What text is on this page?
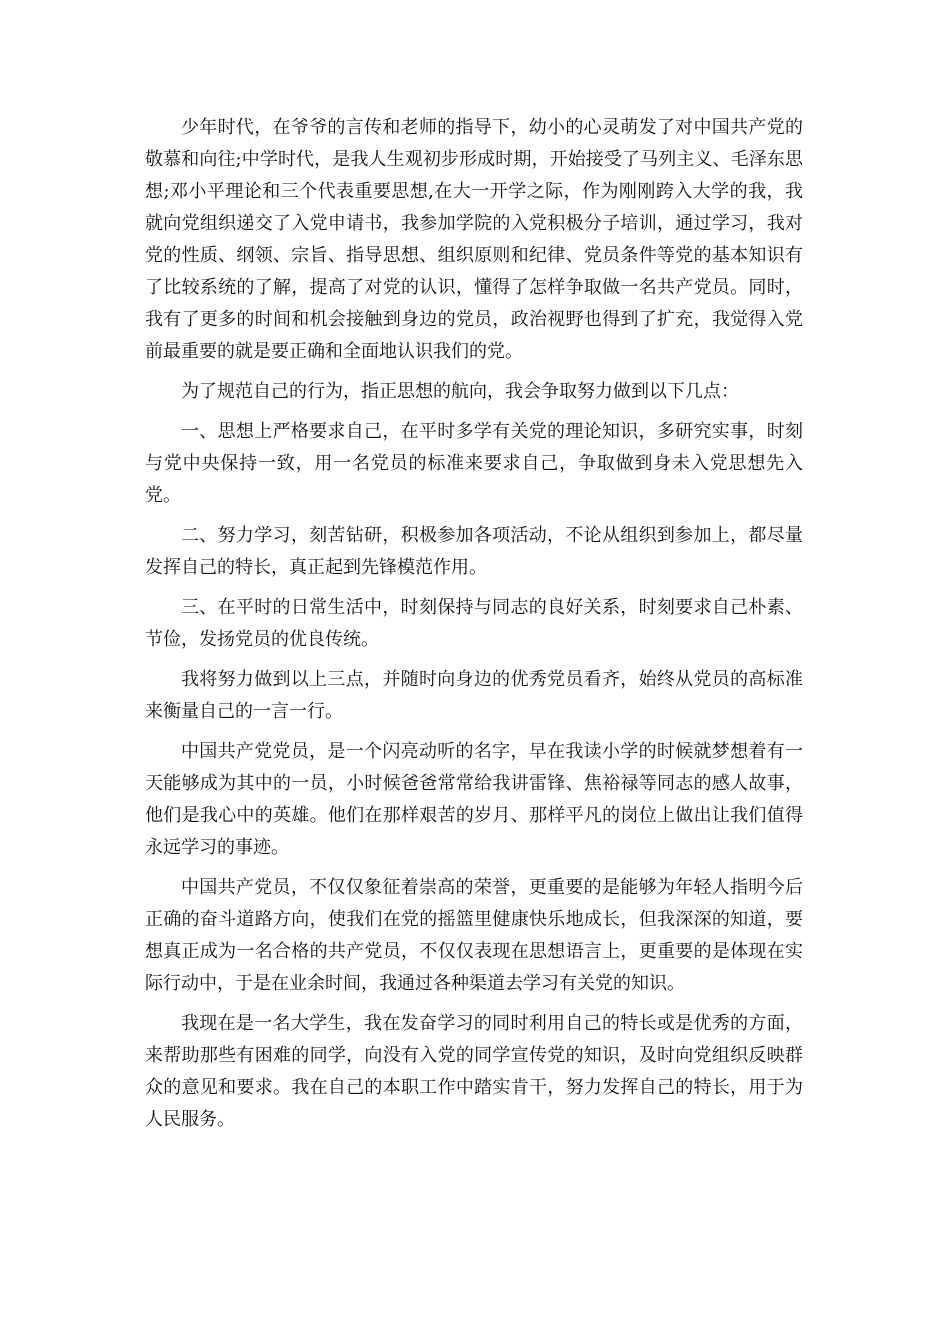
少年时代，在爷爷的言传和老师的指导下，幼小的心灵萌发了对中国共产党的敬慕和向往;中学时代，是我人生观初步形成时期，开始接受了马列主义、毛泽东思想;邓小平理论和三个代表重要思想,在大一开学之际，作为刚刚跨入大学的我，我就向党组织递交了入党申请书，我参加学院的入党积极分子培训，通过学习，我对党的性质、纲领、宗旨、指导思想、组织原则和纪律、党员条件等党的基本知识有了比较系统的了解，提高了对党的认识，懂得了怎样争取做一名共产党员。同时，我有了更多的时间和机会接触到身边的党员，政治视野也得到了扩充，我觉得入党前最重要的就是要正确和全面地认识我们的党。

为了规范自己的行为，指正思想的航向，我会争取努力做到以下几点：

一、思想上严格要求自己，在平时多学有关党的理论知识，多研究实事，时刻与党中央保持一致，用一名党员的标准来要求自己，争取做到身未入党思想先入党。

二、努力学习，刻苦钻研，积极参加各项活动，不论从组织到参加上，都尽量发挥自己的特长，真正起到先锋模范作用。

三、在平时的日常生活中，时刻保持与同志的良好关系，时刻要求自己朴素、节俭，发扬党员的优良传统。

我将努力做到以上三点，并随时向身边的优秀党员看齐，始终从党员的高标准来衡量自己的一言一行。

中国共产党党员，是一个闪亮动听的名字，早在我读小学的时候就梦想着有一天能够成为其中的一员，小时候爸爸常常给我讲雷锋、焦裕禄等同志的感人故事，他们是我心中的英雄。他们在那样艰苦的岁月、那样平凡的岗位上做出让我们值得永远学习的事迹。

中国共产党员，不仅仅象征着崇高的荣誉，更重要的是能够为年轻人指明今后正确的奋斗道路方向，使我们在党的摇篮里健康快乐地成长，但我深深的知道，要想真正成为一名合格的共产党员，不仅仅表现在思想语言上，更重要的是体现在实际行动中，于是在业余时间，我通过各种渠道去学习有关党的知识。

我现在是一名大学生，我在发奋学习的同时利用自己的特长或是优秀的方面，来帮助那些有困难的同学，向没有入党的同学宣传党的知识，及时向党组织反映群众的意见和要求。我在自己的本职工作中踏实肯干，努力发挥自己的特长，用于为人民服务。
